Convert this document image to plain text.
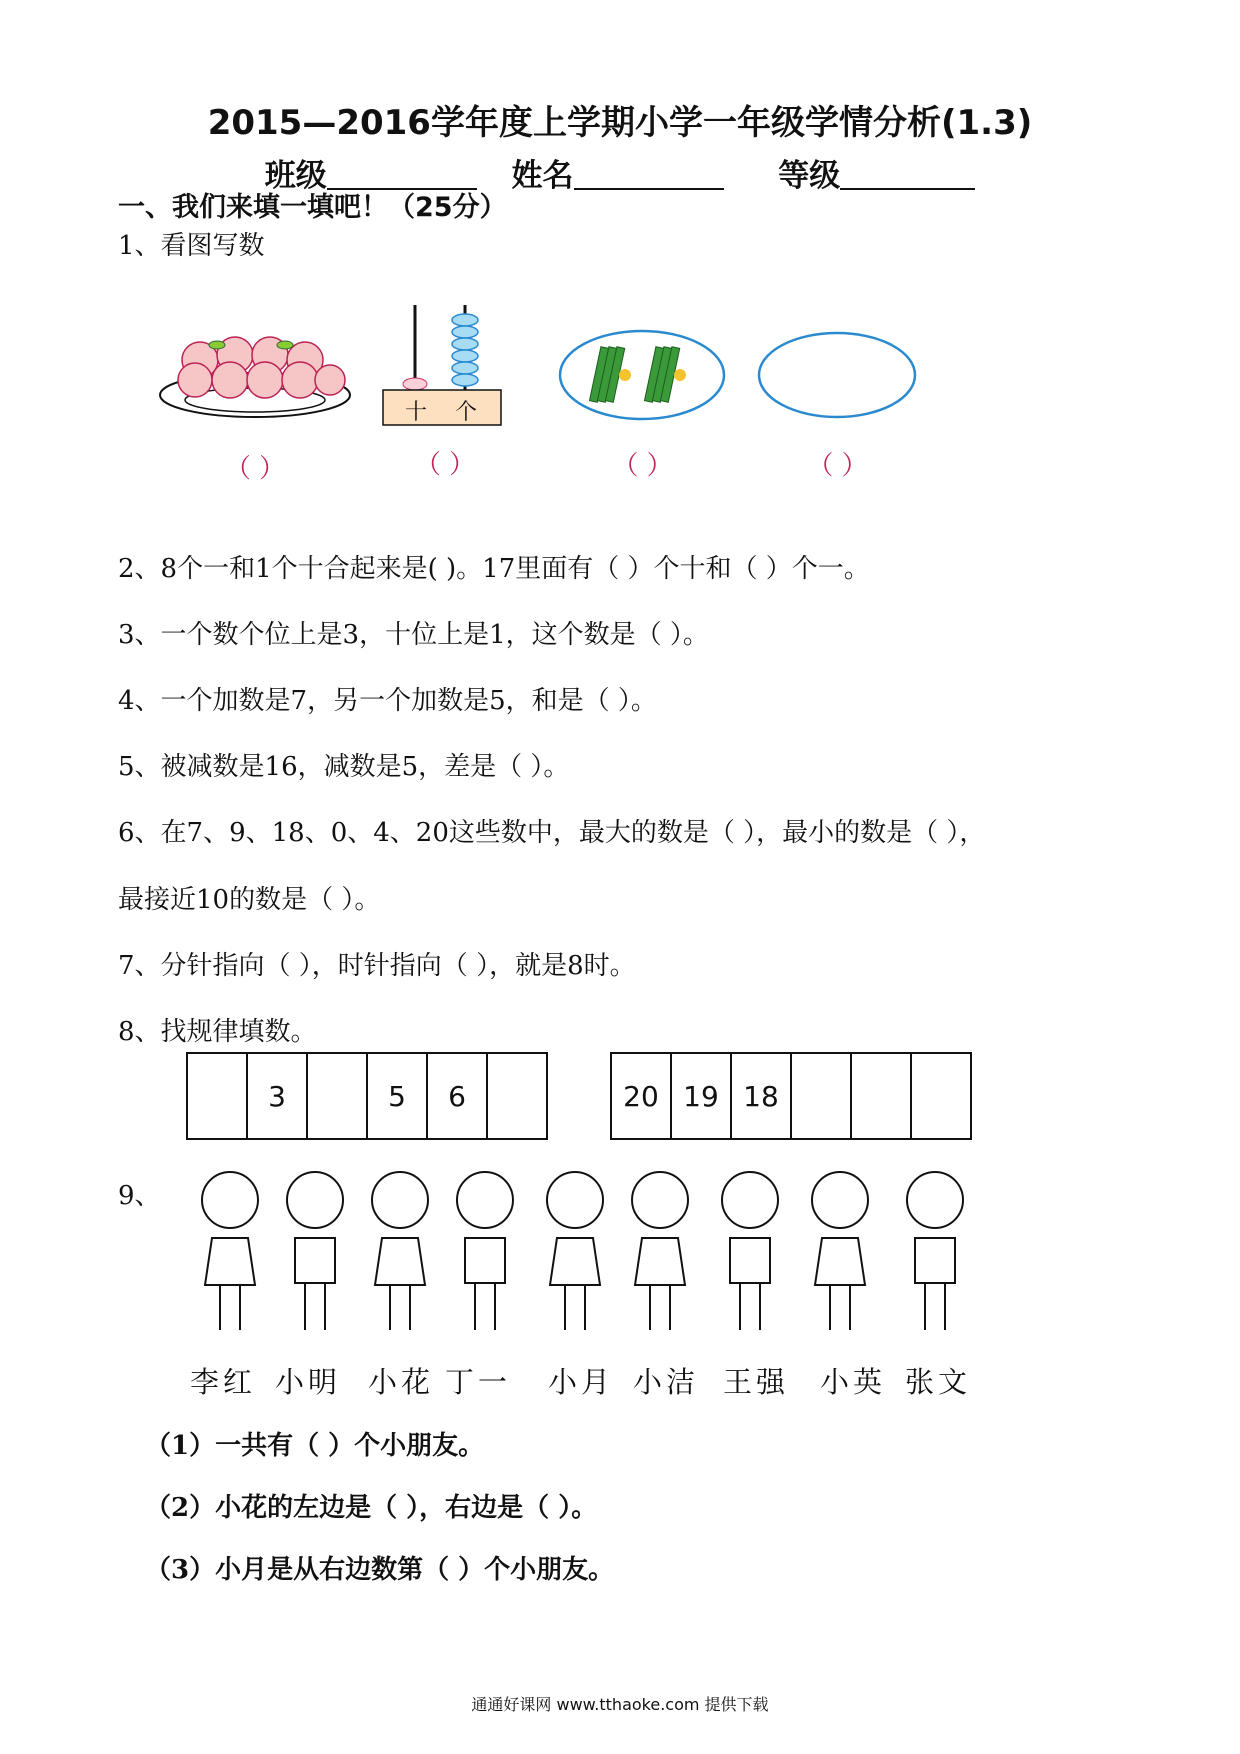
2015—2016学年度上学期小学一年级学情分析(1.3)
班级	姓名	等级
一、我们来填一填吧！（25分）
1、看图写数
（ ）
十 个
（ ）	（ ）	（ ）
2、8个一和1个十合起来是( )。17里面有（ ）个十和（ ）个一。
3、一个数个位上是3，十位上是1，这个数是（ ）。
4、一个加数是7，另一个加数是5，和是（ ）。
5、被减数是16，减数是5，差是（ ）。
6、在7、9、18、0、4、20这些数中，最大的数是（ ），最小的数是（ ），
最接近10的数是（ ）。
7、分针指向（ ），时针指向（ ），就是8时。
8、找规律填数。
	3		5	6		20	19	18			
9、
李红 小明 小花 丁一 小月 小洁 王强 小英 张文
（1）一共有（ ）个小朋友。
（2）小花的左边是（ ），右边是（ ）。
（3）小月是从右边数第（ ）个小朋友。
通通好课网 www.tthaoke.com 提供下载
